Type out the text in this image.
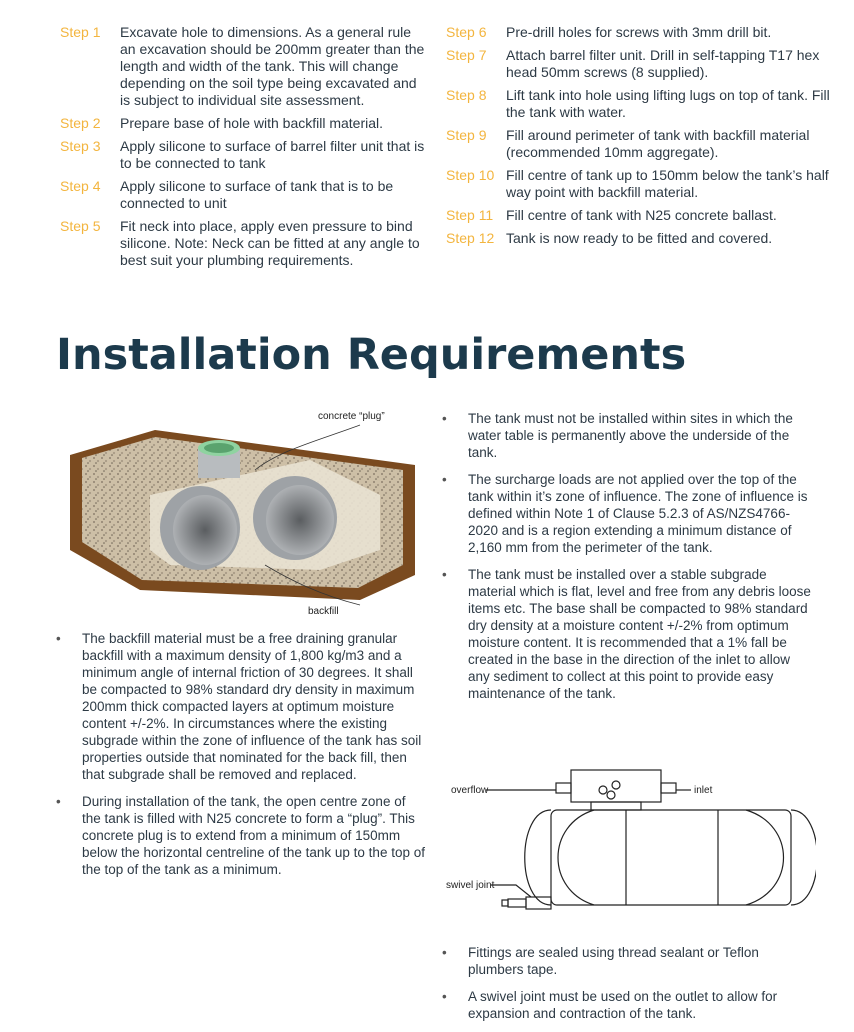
Step 1	Excavate hole to dimensions. As a general rule an excavation should be 200mm greater than the length and width of the tank. This will change depending on the soil type being excavated and is subject to individual site assessment.
Step 2	Prepare base of hole with backfill material.
Step 3	Apply silicone to surface of barrel filter unit that is to be connected to tank
Step 4	Apply silicone to surface of tank that is to be connected to unit
Step 5	Fit neck into place, apply even pressure to bind silicone. Note: Neck can be fitted at any angle to best suit your plumbing requirements.
Step 6	Pre-drill holes for screws with 3mm drill bit.
Step 7	Attach barrel filter unit. Drill in self-tapping T17 hex head 50mm screws (8 supplied).
Step 8	Lift tank into hole using lifting lugs on top of tank. Fill the tank with water.
Step 9	Fill around perimeter of tank with backfill material (recommended 10mm aggregate).
Step 10 Fill centre of tank up to 150mm below the tank’s half way point with backfill material.
Step 11 Fill centre of tank with N25 concrete ballast.
Step 12 Tank is now ready to be fitted and covered.
Installation Requirements
concrete “plug”
backfill
• The backfill material must be a free draining granular backfill with a maximum density of 1,800 kg/m3 and a minimum angle of internal friction of 30 degrees. It shall be compacted to 98% standard dry density in maximum 200mm thick compacted layers at optimum moisture content +/-2%. In circumstances where the existing subgrade within the zone of influence of the tank has soil properties outside that nominated for the back fill, then that subgrade shall be removed and replaced.
• During installation of the tank, the open centre zone of the tank is filled with N25 concrete to form a “plug”. This concrete plug is to extend from a minimum of 150mm below the horizontal centreline of the tank up to the top of the top of the tank as a minimum.
• The tank must not be installed within sites in which the water table is permanently above the underside of the tank.
• The surcharge loads are not applied over the top of the tank within it’s zone of influence. The zone of influence is defined within Note 1 of Clause 5.2.3 of AS/NZS4766-2020 and is a region extending a minimum distance of 2,160 mm from the perimeter of the tank.
• The tank must be installed over a stable subgrade material which is flat, level and free from any debris loose items etc. The base shall be compacted to 98% standard dry density at a moisture content +/-2% from optimum moisture content. It is recommended that a 1% fall be created in the base in the direction of the inlet to allow any sediment to collect at this point to provide easy maintenance of the tank.
overflow	inlet
swivel joint
• Fittings are sealed using thread sealant or Teflon plumbers tape.
• A swivel joint must be used on the outlet to allow for expansion and contraction of the tank.
